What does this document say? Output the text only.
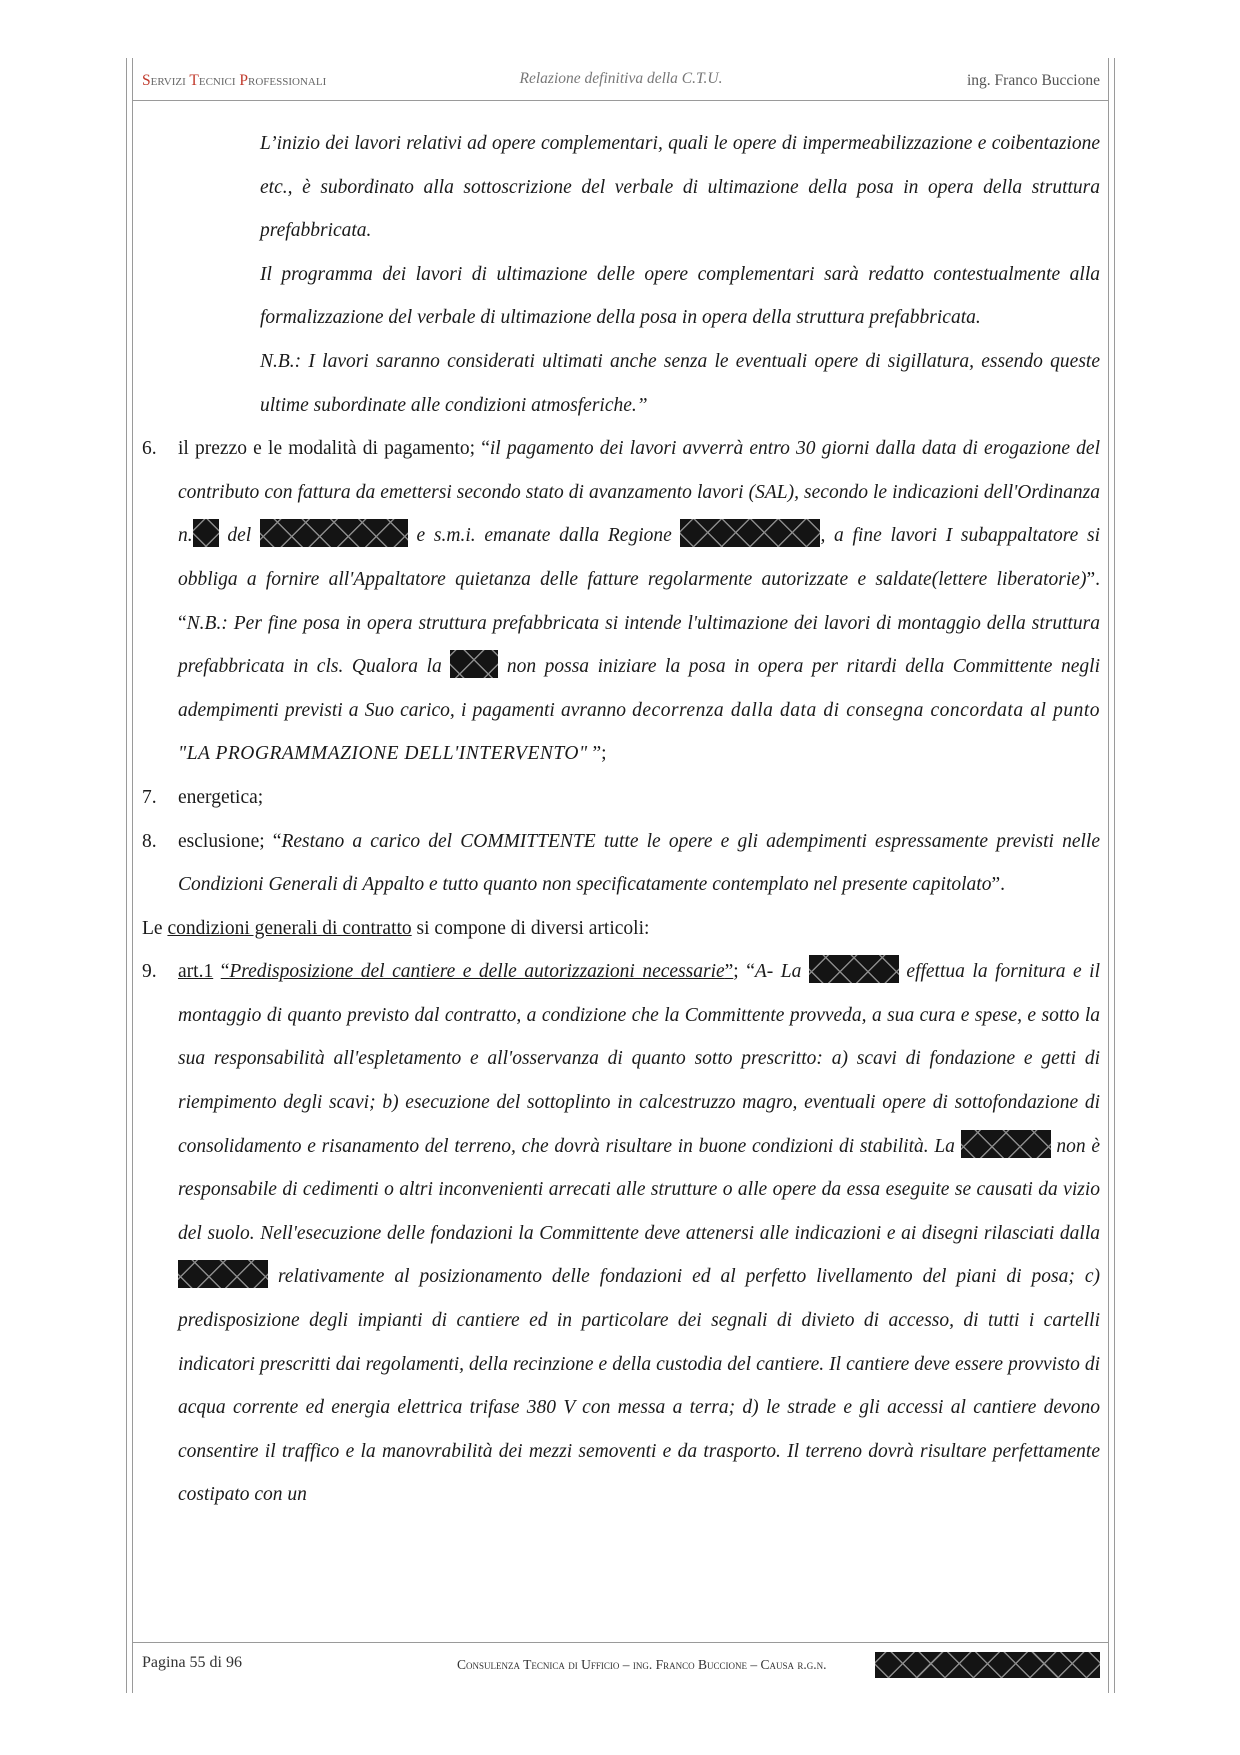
Servizi Tecnici Professionali	Relazione definitiva della C.T.U.	ing. Franco Buccione

L’inizio dei lavori relativi ad opere complementari, quali le opere di impermeabilizzazione e coibentazione etc., è subordinato alla sottoscrizione del verbale di ultimazione della posa in opera della struttura prefabbricata.

Il programma dei lavori di ultimazione delle opere complementari sarà redatto contestualmente alla formalizzazione del verbale di ultimazione della posa in opera della struttura prefabbricata.

N.B.: I lavori saranno considerati ultimati anche senza le eventuali opere di sigillatura, essendo queste ultime subordinate alle condizioni atmosferiche.”

6. il prezzo e le modalità di pagamento; “il pagamento dei lavori avverrà entro 30 giorni dalla data di erogazione del contributo con fattura da emettersi secondo stato di avanzamento lavori (SAL), secondo le indicazioni dell'Ordinanza n. del	e s.m.i. emanate dalla Regione	, a fine lavori I subappaltatore si obbliga a fornire all'Appaltatore quietanza delle fatture regolarmente autorizzate e saldate(lettere liberatorie)”. “N.B.: Per fine posa in opera struttura prefabbricata si intende l'ultimazione dei lavori di montaggio della struttura prefabbricata in cls. Qualora la  non possa iniziare la posa in opera per ritardi della Committente negli adempimenti previsti a Suo carico, i pagamenti avranno decorrenza dalla data di consegna concordata al punto "LA PROGRAMMAZIONE DELL'INTERVENTO" ”;

7. energetica;

8. esclusione; “Restano a carico del COMMITTENTE tutte le opere e gli adempimenti espressamente previsti nelle Condizioni Generali di Appalto e tutto quanto non specificatamente contemplato nel presente capitolato”.

Le condizioni generali di contratto si compone di diversi articoli:

9. art.1 “Predisposizione del cantiere e delle autorizzazioni necessarie”; “A- La	effettua la fornitura e il montaggio di quanto previsto dal contratto, a condizione che la Committente provveda, a sua cura e spese, e sotto la sua responsabilità all'espletamento e all'osservanza di quanto sotto prescritto: a) scavi di fondazione e getti di riempimento degli scavi; b) esecuzione del sottoplinto in calcestruzzo magro, eventuali opere di sottofondazione di consolidamento e risanamento del terreno, che dovrà risultare in buone condizioni di stabilità. La	non è responsabile di cedimenti o altri inconvenienti arrecati alle strutture o alle opere da essa eseguite se causati da vizio del suolo. Nell'esecuzione delle fondazioni la Committente deve attenersi alle indicazioni e ai disegni rilasciati dalla  relativamente al posizionamento delle fondazioni ed al perfetto livellamento del piani di posa; c) predisposizione degli impianti di cantiere ed in particolare dei segnali di divieto di accesso, di tutti i cartelli indicatori prescritti dai regolamenti, della recinzione e della custodia del cantiere. Il cantiere deve essere provvisto di acqua corrente ed energia elettrica trifase 380 V con messa a terra; d) le strade e gli accessi al cantiere devono consentire il traffico e la manovrabilità dei mezzi semoventi e da trasporto. Il terreno dovrà risultare perfettamente costipato con un

Pagina 55 di 96	Consulenza Tecnica di Ufficio – ing. Franco Buccione – Causa r.g.n.
